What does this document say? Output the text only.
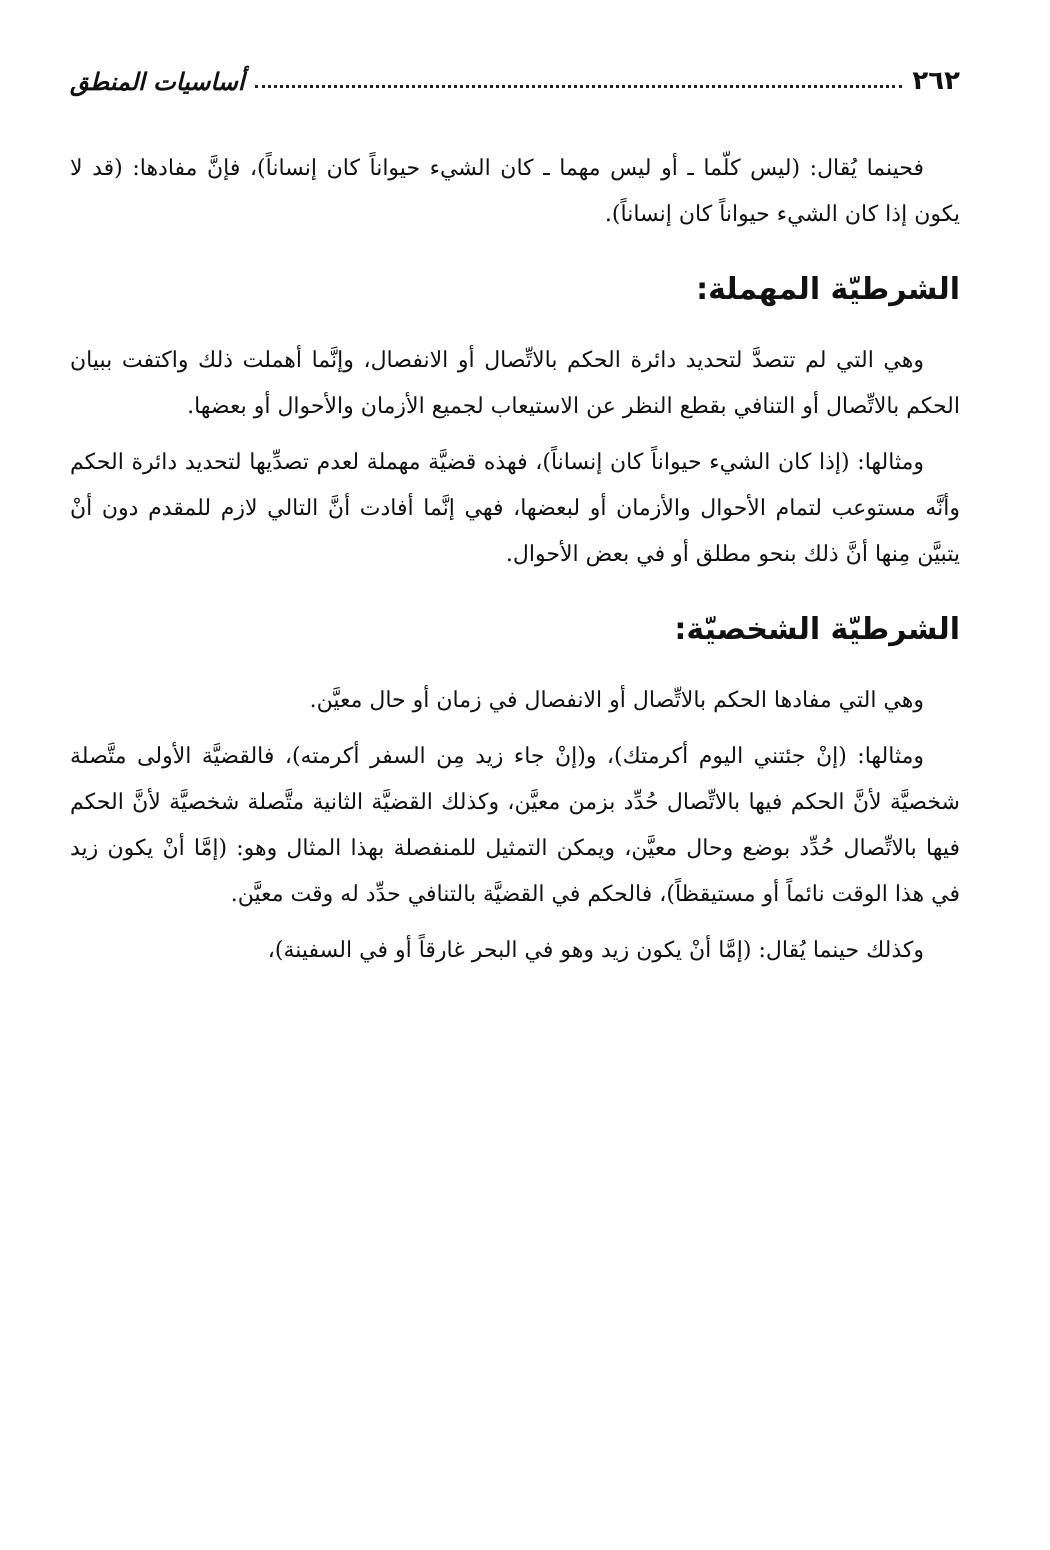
٢٦٢
أساسيات المنطق

فحينما يُقال: (ليس كلّما ـ أو ليس مهما ـ كان الشيء حيواناً كان إنساناً)، فإنَّ مفادها: (قد لا يكون إذا كان الشيء حيواناً كان إنساناً).

الشرطيّة المهملة:

وهي التي لم تتصدَّ لتحديد دائرة الحكم بالاتِّصال أو الانفصال، وإنَّما أهملت ذلك واكتفت ببيان الحكم بالاتِّصال أو التنافي بقطع النظر عن الاستيعاب لجميع الأزمان والأحوال أو بعضها.

ومثالها: (إذا كان الشيء حيواناً كان إنساناً)، فهذه قضيَّة مهملة لعدم تصدِّيها لتحديد دائرة الحكم وأنَّه مستوعب لتمام الأحوال والأزمان أو لبعضها، فهي إنَّما أفادت أنَّ التالي لازم للمقدم دون أنْ يتبيَّن مِنها أنَّ ذلك بنحو مطلق أو في بعض الأحوال.

الشرطيّة الشخصيّة:

وهي التي مفادها الحكم بالاتِّصال أو الانفصال في زمان أو حال معيَّن.

ومثالها: (إنْ جئتني اليوم أكرمتك)، و(إنْ جاء زيد مِن السفر أكرمته)، فالقضيَّة الأولى متَّصلة شخصيَّة لأنَّ الحكم فيها بالاتِّصال حُدِّد بزمن معيَّن، وكذلك القضيَّة الثانية متَّصلة شخصيَّة لأنَّ الحكم فيها بالاتِّصال حُدِّد بوضع وحال معيَّن، ويمكن التمثيل للمنفصلة بهذا المثال وهو: (إمَّا أنْ يكون زيد في هذا الوقت نائماً أو مستيقظاً)، فالحكم في القضيَّة بالتنافي حدِّد له وقت معيَّن.

وكذلك حينما يُقال: (إمَّا أنْ يكون زيد وهو في البحر غارقاً أو في السفينة)،
